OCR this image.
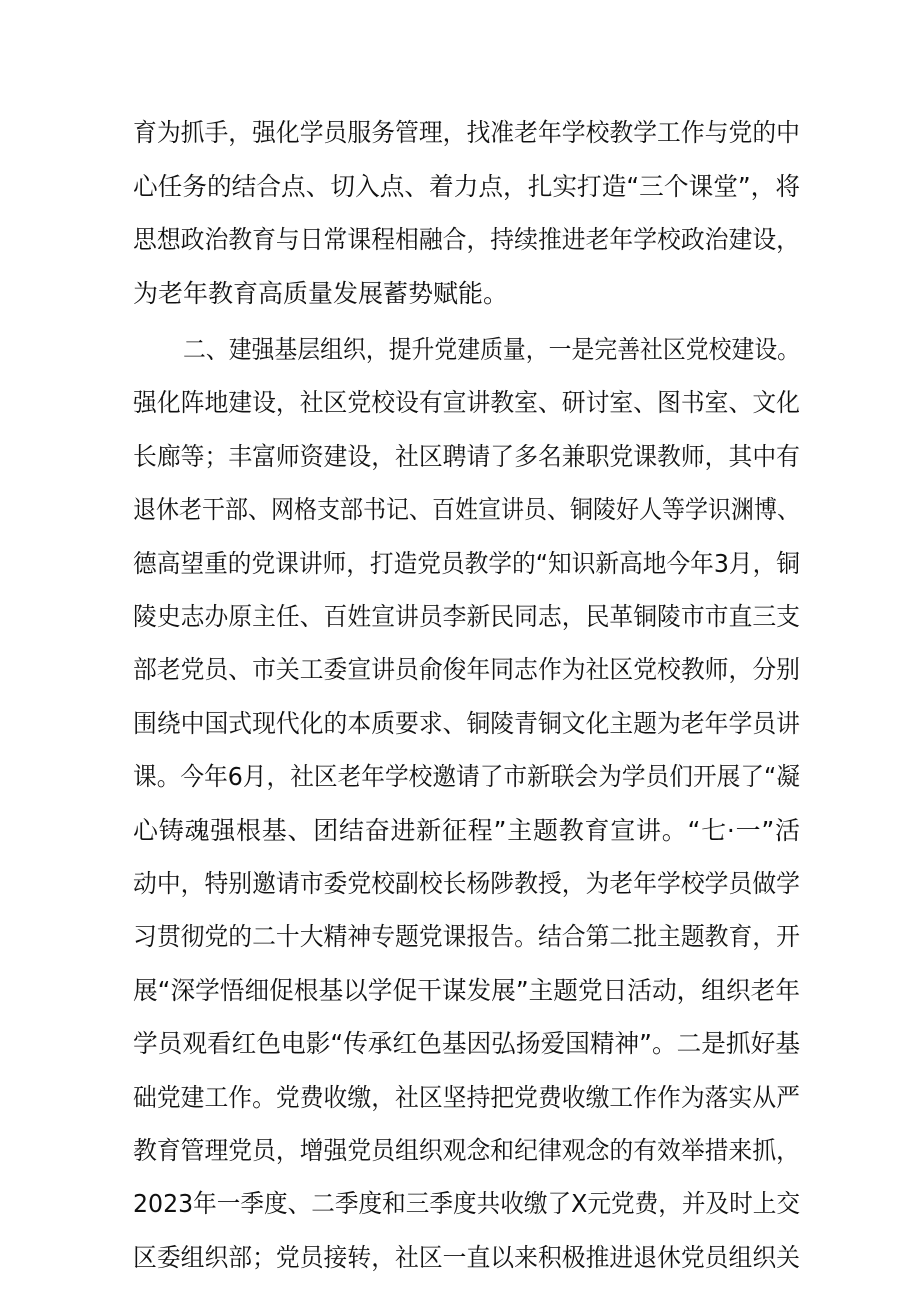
育为抓手，强化学员服务管理，找准老年学校教学工作与党的中
心任务的结合点、切入点、着力点，扎实打造“三个课堂”，将
思想政治教育与日常课程相融合，持续推进老年学校政治建设，
为老年教育高质量发展蓄势赋能。
二、建强基层组织，提升党建质量，一是完善社区党校建设。
强化阵地建设，社区党校设有宣讲教室、研讨室、图书室、文化
长廊等；丰富师资建设，社区聘请了多名兼职党课教师，其中有
退休老干部、网格支部书记、百姓宣讲员、铜陵好人等学识渊博、
德高望重的党课讲师，打造党员教学的“知识新高地今年3月，铜
陵史志办原主任、百姓宣讲员李新民同志，民革铜陵市市直三支
部老党员、市关工委宣讲员俞俊年同志作为社区党校教师，分别
围绕中国式现代化的本质要求、铜陵青铜文化主题为老年学员讲
课。今年6月，社区老年学校邀请了市新联会为学员们开展了“凝
心铸魂强根基、团结奋进新征程”主题教育宣讲。“七·一”活
动中，特别邀请市委党校副校长杨陟教授，为老年学校学员做学
习贯彻党的二十大精神专题党课报告。结合第二批主题教育，开
展“深学悟细促根基以学促干谋发展”主题党日活动，组织老年
学员观看红色电影“传承红色基因弘扬爱国精神”。二是抓好基
础党建工作。党费收缴，社区坚持把党费收缴工作作为落实从严
教育管理党员，增强党员组织观念和纪律观念的有效举措来抓，
2023年一季度、二季度和三季度共收缴了X元党费，并及时上交
区委组织部；党员接转，社区一直以来积极推进退休党员组织关
